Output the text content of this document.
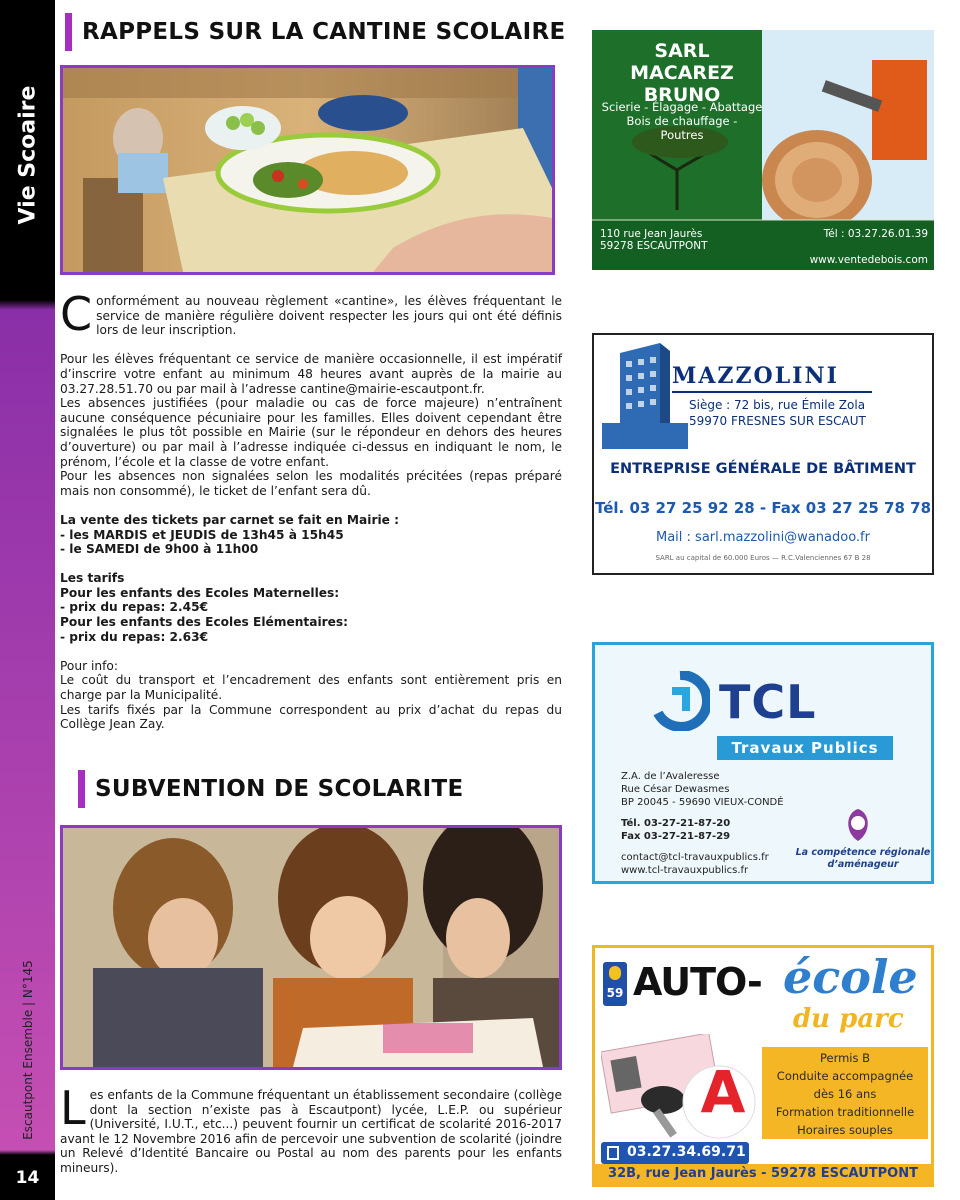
Vie Scoaire
Escautpont Ensemble | N°145
14
RAPPELS SUR LA CANTINE SCOLAIRE

Conformément au nouveau règlement «cantine», les élèves fréquentant le service de manière régulière doivent respecter les jours qui ont été définis lors de leur inscription.

Pour les élèves fréquentant ce service de manière occasionnelle, il est impératif d’inscrire votre enfant au minimum 48 heures avant auprès de la mairie au 03.27.28.51.70 ou par mail à l’adresse cantine@mairie-escautpont.fr.

Les absences justifiées (pour maladie ou cas de force majeure) n’entraînent aucune conséquence pécuniaire pour les familles. Elles doivent cependant être signalées le plus tôt possible en Mairie (sur le répondeur en dehors des heures d’ouverture) ou par mail à l’adresse indiquée ci-dessus en indiquant le nom, le prénom, l’école et la classe de votre enfant.

Pour les absences non signalées selon les modalités précitées (repas préparé mais non consommé), le ticket de l’enfant sera dû.

La vente des tickets par carnet se fait en Mairie :

- les MARDIS et JEUDIS de 13h45 à 15h45

- le SAMEDI de 9h00 à 11h00

Les tarifs

Pour les enfants des Ecoles Maternelles:

- prix du repas: 2.45€

Pour les enfants des Ecoles Elémentaires:

- prix du repas: 2.63€

Pour info:

Le coût du transport et l’encadrement des enfants sont entièrement pris en charge par la Municipalité.

Les tarifs fixés par la Commune correspondent au prix d’achat du repas du Collège Jean Zay.

SUBVENTION DE SCOLARITE

Les enfants de la Commune fréquentant un établissement secondaire (collège dont la section n’existe pas à Escautpont) lycée, L.E.P. ou supérieur (Université, I.U.T., etc...) peuvent fournir un certificat de scolarité 2016-2017 avant le 12 Novembre 2016 afin de percevoir une subvention de scolarité (joindre un Relevé d’Identité Bancaire ou Postal au nom des parents pour les enfants mineurs).

SARL MACAREZ
BRUNO
Scierie - Élagage - Abattage
Bois de chauffage -
Poutres
110 rue Jean Jaurès
59278 ESCAUTPONT
Tél : 03.27.26.01.39
www.ventedebois.com
MAZZOLINI
Siège : 72 bis, rue Émile Zola
59970 FRESNES SUR ESCAUT
ENTREPRISE GÉNÉRALE DE BÂTIMENT
Tél. 03 27 25 92 28 - Fax 03 27 25 78 78
Mail : sarl.mazzolini@wanadoo.fr
SARL au capital de 60.000 Euros — R.C.Valenciennes 67 B 28
TCL
Travaux Publics
Z.A. de l’Avaleresse
Rue César Dewasmes
BP 20045 - 59690 VIEUX-CONDÉ
Tél. 03-27-21-87-20
Fax 03-27-21-87-29
contact@tcl-travauxpublics.fr
www.tcl-travauxpublics.fr
La compétence régionale
d’aménageur
59 AUTO- école
du parc
A	Permis B
Conduite accompagnée
dès 16 ans
Formation traditionnelle
Horaires souples
03.27.34.69.71
32B, rue Jean Jaurès - 59278 ESCAUTPONT
